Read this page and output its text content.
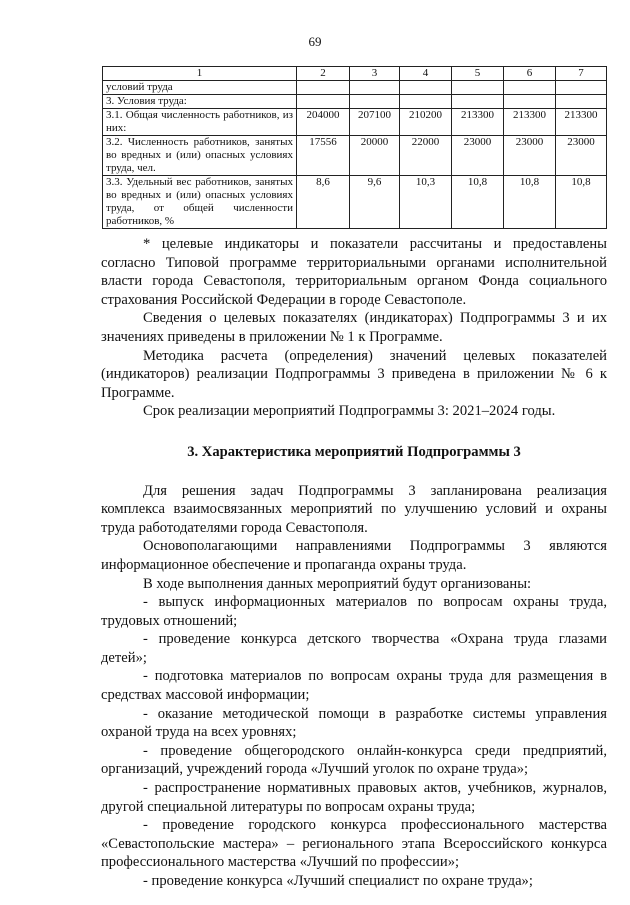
69
1	2	3	4	5	6	7
условий труда						
3. Условия труда:						
3.1. Общая численность работников, из них:	204000	207100	210200	213300	213300	213300
3.2. Численность работников, занятых во вредных и (или) опасных условиях труда, чел.	17556	20000	22000	23000	23000	23000
3.3. Удельный вес работников, занятых во вредных и (или) опасных условиях труда, от общей численности работников, %	8,6	9,6	10,3	10,8	10,8	10,8

* целевые индикаторы и показатели рассчитаны и предоставлены согласно Типовой программе территориальными органами исполнительной власти города Севастополя, территориальным органом Фонда социального страхования Российской Федерации в городе Севастополе.

Сведения о целевых показателях (индикаторах) Подпрограммы 3 и их значениях приведены в приложении № 1 к Программе.

Методика расчета (определения) значений целевых показателей (индикаторов) реализации Подпрограммы 3 приведена в приложении № 6 к Программе.

Срок реализации мероприятий Подпрограммы 3: 2021–2024 годы.

3. Характеристика мероприятий Подпрограммы 3

Для решения задач Подпрограммы 3 запланирована реализация комплекса взаимосвязанных мероприятий по улучшению условий и охраны труда работодателями города Севастополя.

Основополагающими направлениями Подпрограммы 3 являются информационное обеспечение и пропаганда охраны труда.

В ходе выполнения данных мероприятий будут организованы:

- выпуск информационных материалов по вопросам охраны труда, трудовых отношений;

- проведение конкурса детского творчества «Охрана труда глазами детей»;

- подготовка материалов по вопросам охраны труда для размещения в средствах массовой информации;

- оказание методической помощи в разработке системы управления охраной труда на всех уровнях;

- проведение общегородского онлайн-конкурса среди предприятий, организаций, учреждений города «Лучший уголок по охране труда»;

- распространение нормативных правовых актов, учебников, журналов, другой специальной литературы по вопросам охраны труда;

- проведение городского конкурса профессионального мастерства «Севастопольские мастера» – регионального этапа Всероссийского конкурса профессионального мастерства «Лучший по профессии»;

- проведение конкурса «Лучший специалист по охране труда»;
